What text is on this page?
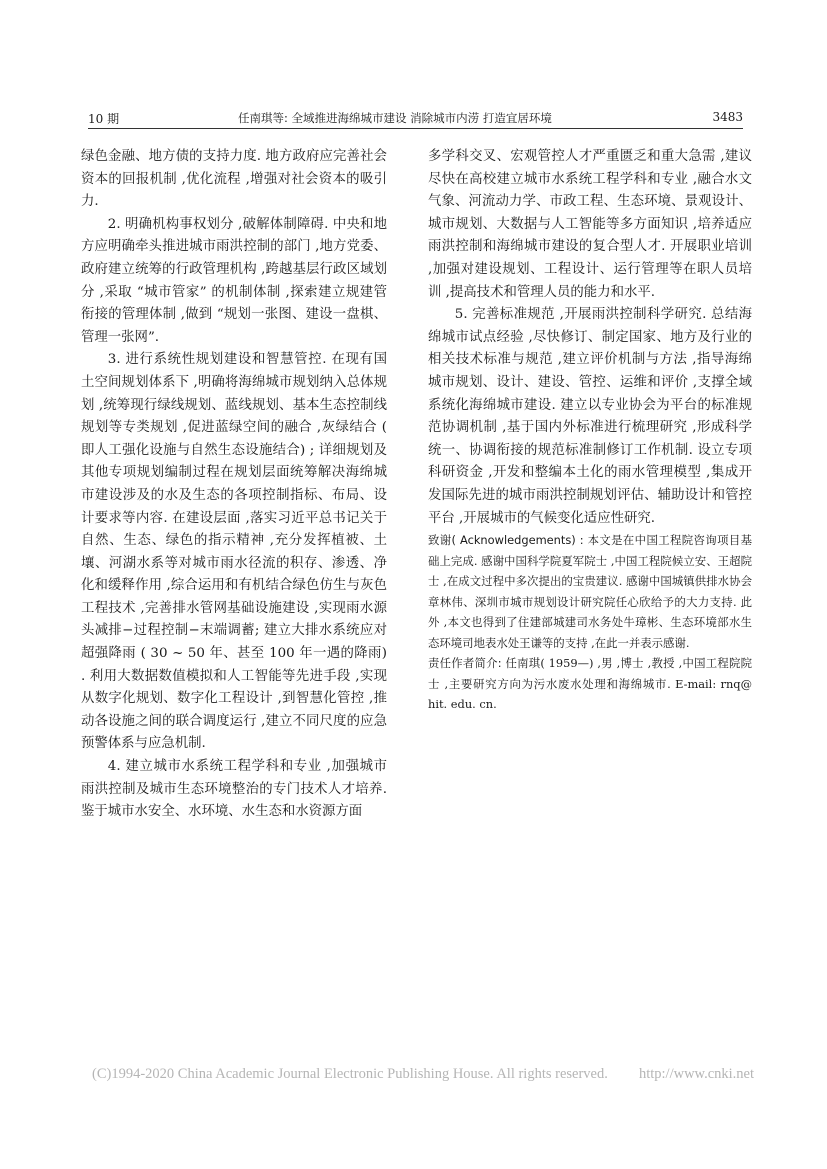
10 期	任南琪等: 全域推进海绵城市建设 消除城市内涝 打造宜居环境	3483

绿色金融、地方债的支持力度. 地方政府应完善社会资本的回报机制 ,优化流程 ,增强对社会资本的吸引力.

2. 明确机构事权划分 ,破解体制障碍. 中央和地方应明确牵头推进城市雨洪控制的部门 ,地方党委、政府建立统筹的行政管理机构 ,跨越基层行政区域划分 ,采取 “城市管家” 的机制体制 ,探索建立规建管衔接的管理体制 ,做到 “规划一张图、建设一盘棋、管理一张网”.

3. 进行系统性规划建设和智慧管控. 在现有国土空间规划体系下 ,明确将海绵城市规划纳入总体规划 ,统筹现行绿线规划、蓝线规划、基本生态控制线规划等专类规划 ,促进蓝绿空间的融合 ,灰绿结合 ( 即人工强化设施与自然生态设施结合) ; 详细规划及其他专项规划编制过程在规划层面统筹解决海绵城市建设涉及的水及生态的各项控制指标、布局、设计要求等内容. 在建设层面 ,落实习近平总书记关于自然、生态、绿色的指示精神 ,充分发挥植被、土壤、河湖水系等对城市雨水径流的积存、渗透、净化和缓释作用 ,综合运用和有机结合绿色仿生与灰色工程技术 ,完善排水管网基础设施建设 ,实现雨水源头减排−过程控制−末端调蓄; 建立大排水系统应对超强降雨 ( 30 ~ 50 年、甚至 100 年一遇的降雨) . 利用大数据数值模拟和人工智能等先进手段 ,实现从数字化规划、数字化工程设计 ,到智慧化管控 ,推动各设施之间的联合调度运行 ,建立不同尺度的应急预警体系与应急机制.

4. 建立城市水系统工程学科和专业 ,加强城市雨洪控制及城市生态环境整治的专门技术人才培养. 鉴于城市水安全、水环境、水生态和水资源方面

多学科交叉、宏观管控人才严重匮乏和重大急需 ,建议尽快在高校建立城市水系统工程学科和专业 ,融合水文气象、河流动力学、市政工程、生态环境、景观设计、城市规划、大数据与人工智能等多方面知识 ,培养适应雨洪控制和海绵城市建设的复合型人才. 开展职业培训 ,加强对建设规划、工程设计、运行管理等在职人员培训 ,提高技术和管理人员的能力和水平.

5. 完善标准规范 ,开展雨洪控制科学研究. 总结海绵城市试点经验 ,尽快修订、制定国家、地方及行业的相关技术标准与规范 ,建立评价机制与方法 ,指导海绵城市规划、设计、建设、管控、运维和评价 ,支撑全域系统化海绵城市建设. 建立以专业协会为平台的标准规范协调机制 ,基于国内外标准进行梳理研究 ,形成科学统一、协调衔接的规范标准制修订工作机制. 设立专项科研资金 ,开发和整编本土化的雨水管理模型 ,集成开发国际先进的城市雨洪控制规划评估、辅助设计和管控平台 ,开展城市的气候变化适应性研究.

致谢( Acknowledgements) : 本文是在中国工程院咨询项目基础上完成. 感谢中国科学院夏军院士 ,中国工程院候立安、王超院士 ,在成文过程中多次提出的宝贵建议. 感谢中国城镇供排水协会章林伟、深圳市城市规划设计研究院任心欣给予的大力支持. 此外 ,本文也得到了住建部城建司水务处牛璋彬、生态环境部水生态环境司地表水处王谦等的支持 ,在此一并表示感谢.

责任作者简介: 任南琪( 1959—) ,男 ,博士 ,教授 ,中国工程院院士 ,主要研究方向为污水废水处理和海绵城市. E-mail: rnq@ hit. edu. cn.

(C)1994-2020 China Academic Journal Electronic Publishing House. All rights reserved. http://www.cnki.net
